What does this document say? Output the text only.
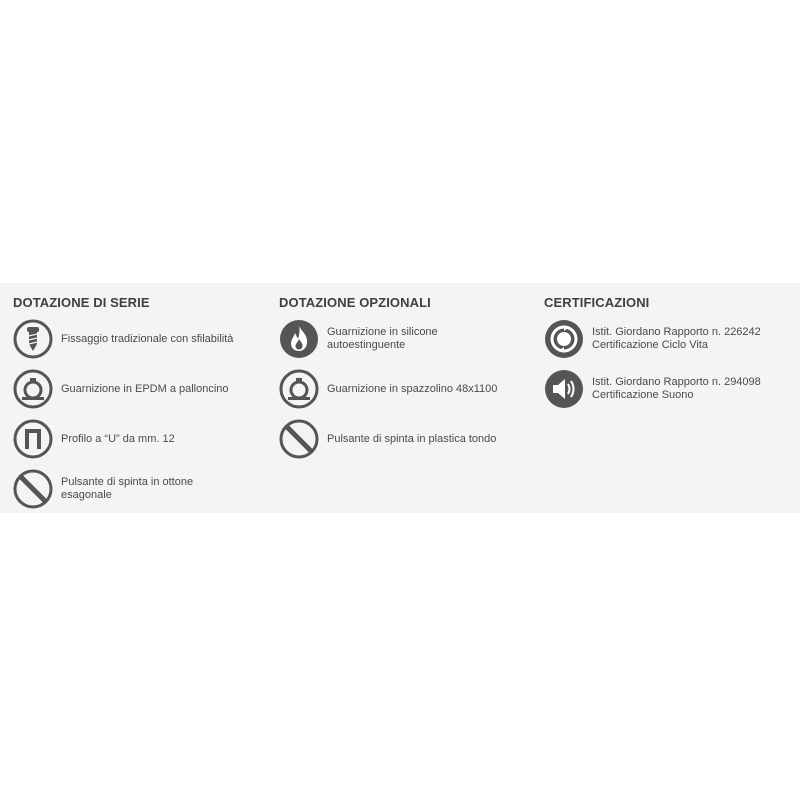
DOTAZIONE DI SERIE
Fissaggio tradizionale con sfilabilità
Guarnizione in EPDM a palloncino
Profilo a “U” da mm. 12
Pulsante di spinta in ottone
esagonale
DOTAZIONE OPZIONALI
Guarnizione in silicone
autoestinguente
Guarnizione in spazzolino 48x1100
Pulsante di spinta in plastica tondo
CERTIFICAZIONI
Istit. Giordano Rapporto n. 226242
Certificazione Ciclo Vita
Istit. Giordano Rapporto n. 294098
Certificazione Suono
